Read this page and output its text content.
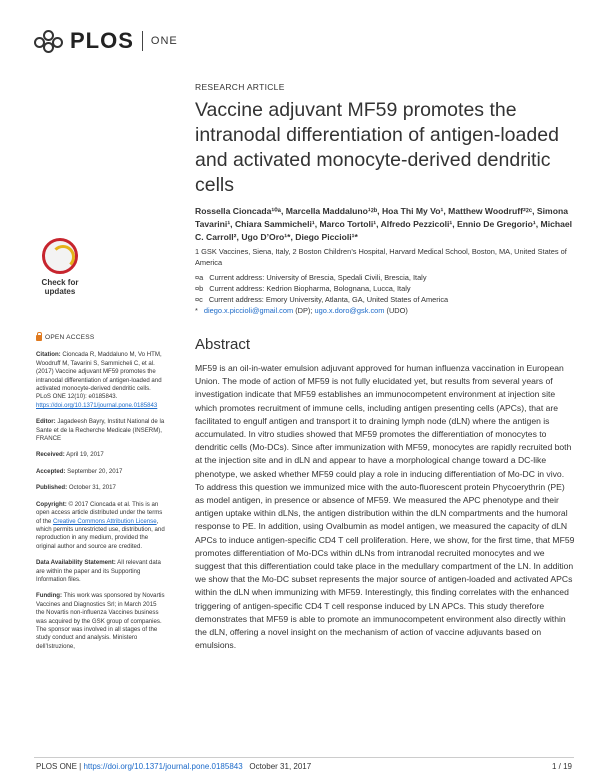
PLOS ONE
RESEARCH ARTICLE
Vaccine adjuvant MF59 promotes the intranodal differentiation of antigen-loaded and activated monocyte-derived dendritic cells
Rossella Cioncada¹⁰ᵃ, Marcella Maddaluno¹⁲ᵇ, Hoa Thi My Vo¹, Matthew Woodruff²⁲ᶜ, Simona Tavarini¹, Chiara Sammicheli¹, Marco Tortoli¹, Alfredo Pezzicoli¹, Ennio De Gregorio¹, Michael C. Carroll², Ugo D’Oro¹*, Diego Piccioli¹*
1 GSK Vaccines, Siena, Italy, 2 Boston Children’s Hospital, Harvard Medical School, Boston, MA, United States of America
¤a Current address: University of Brescia, Spedali Civili, Brescia, Italy
¤b Current address: Kedrion Biopharma, Bolognana, Lucca, Italy
¤c Current address: Emory University, Atlanta, GA, United States of America
* diego.x.piccioli@gmail.com (DP); ugo.x.doro@gsk.com (UDO)
Check for
updates
OPEN ACCESS
Citation: Cioncada R, Maddaluno M, Vo HTM, Woodruff M, Tavarini S, Sammicheli C, et al. (2017) Vaccine adjuvant MF59 promotes the intranodal differentiation of antigen-loaded and activated monocyte-derived dendritic cells. PLoS ONE 12(10): e0185843. https://doi.org/10.1371/journal.pone.0185843
Editor: Jagadeesh Bayry, Institut National de la Sante et de la Recherche Medicale (INSERM), FRANCE
Received: April 19, 2017
Accepted: September 20, 2017
Published: October 31, 2017
Copyright: © 2017 Cioncada et al. This is an open access article distributed under the terms of the Creative Commons Attribution License, which permits unrestricted use, distribution, and reproduction in any medium, provided the original author and source are credited.
Data Availability Statement: All relevant data are within the paper and its Supporting Information files.
Funding: This work was sponsored by Novartis Vaccines and Diagnostics Srl; in March 2015 the Novartis non-influenza Vaccines business was acquired by the GSK group of companies. The sponsor was involved in all stages of the study conduct and analysis. Ministero dell’Istruzione,
Abstract
MF59 is an oil-in-water emulsion adjuvant approved for human influenza vaccination in European Union. The mode of action of MF59 is not fully elucidated yet, but results from several years of investigation indicate that MF59 establishes an immunocompetent environment at injection site which promotes recruitment of immune cells, including antigen presenting cells (APCs), that are facilitated to engulf antigen and transport it to draining lymph node (dLN) where the antigen is accumulated. In vitro studies showed that MF59 promotes the differentiation of monocytes to dendritic cells (Mo-DCs). Since after immunization with MF59, monocytes are rapidly recruited both at the injection site and in dLN and appear to have a morphological change toward a DC-like phenotype, we asked whether MF59 could play a role in inducing differentiation of Mo-DC in vivo. To address this question we immunized mice with the auto-fluorescent protein Phycoerythrin (PE) as model antigen, in presence or absence of MF59. We measured the APC phenotype and their antigen uptake within dLNs, the antigen distribution within the dLN compartments and the humoral response to PE. In addition, using Ovalbumin as model antigen, we measured the capacity of dLN APCs to induce antigen-specific CD4 T cell proliferation. Here, we show, for the first time, that MF59 promotes differentiation of Mo-DCs within dLNs from intranodal recruited monocytes and we suggest that this differentiation could take place in the medullary compartment of the LN. In addition we show that the Mo-DC subset represents the major source of antigen-loaded and activated APCs within the dLN when immunizing with MF59. Interestingly, this finding correlates with the enhanced triggering of antigen-specific CD4 T cell response induced by LN APCs. This study therefore demonstrates that MF59 is able to promote an immunocompetent environment also directly within the dLN, offering a novel insight on the mechanism of action of vaccine adjuvants based on emulsions.
PLOS ONE | https://doi.org/10.1371/journal.pone.0185843 October 31, 2017	1 / 19
